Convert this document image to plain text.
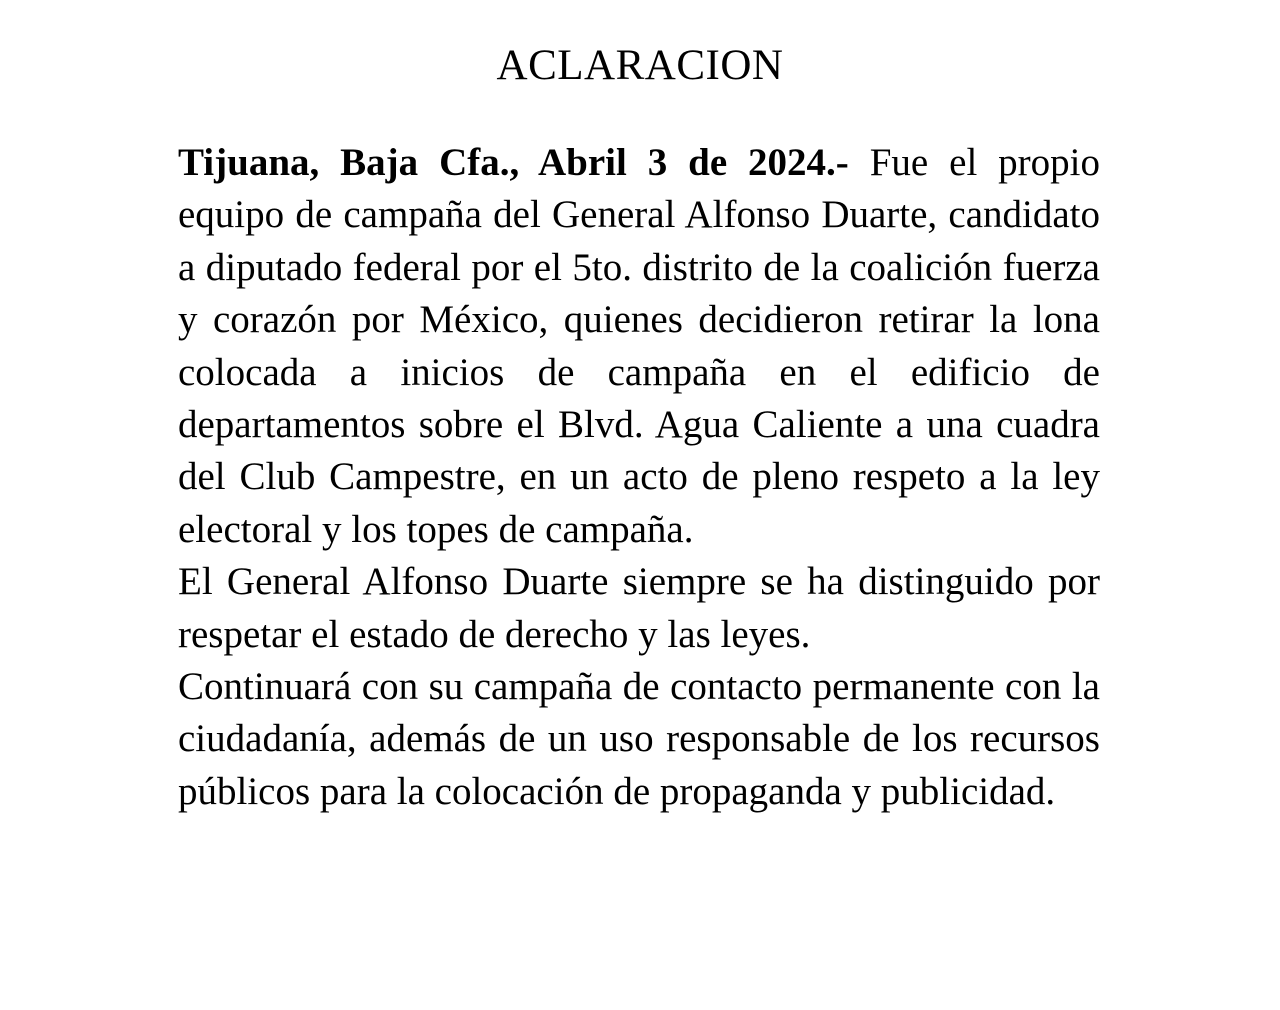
ACLARACION

Tijuana, Baja Cfa., Abril 3 de 2024.- Fue el propio equipo de campaña del General Alfonso Duarte, candidato a diputado federal por el 5to. distrito de la coalición fuerza y corazón por México, quienes decidieron retirar la lona colocada a inicios de campaña en el edificio de departamentos sobre el Blvd. Agua Caliente a una cuadra del Club Campestre, en un acto de pleno respeto a la ley electoral y los topes de campaña.

El General Alfonso Duarte siempre se ha distinguido por respetar el estado de derecho y las leyes.

Continuará con su campaña de contacto permanente con la ciudadanía, además de un uso responsable de los recursos públicos para la colocación de propaganda y publicidad.
